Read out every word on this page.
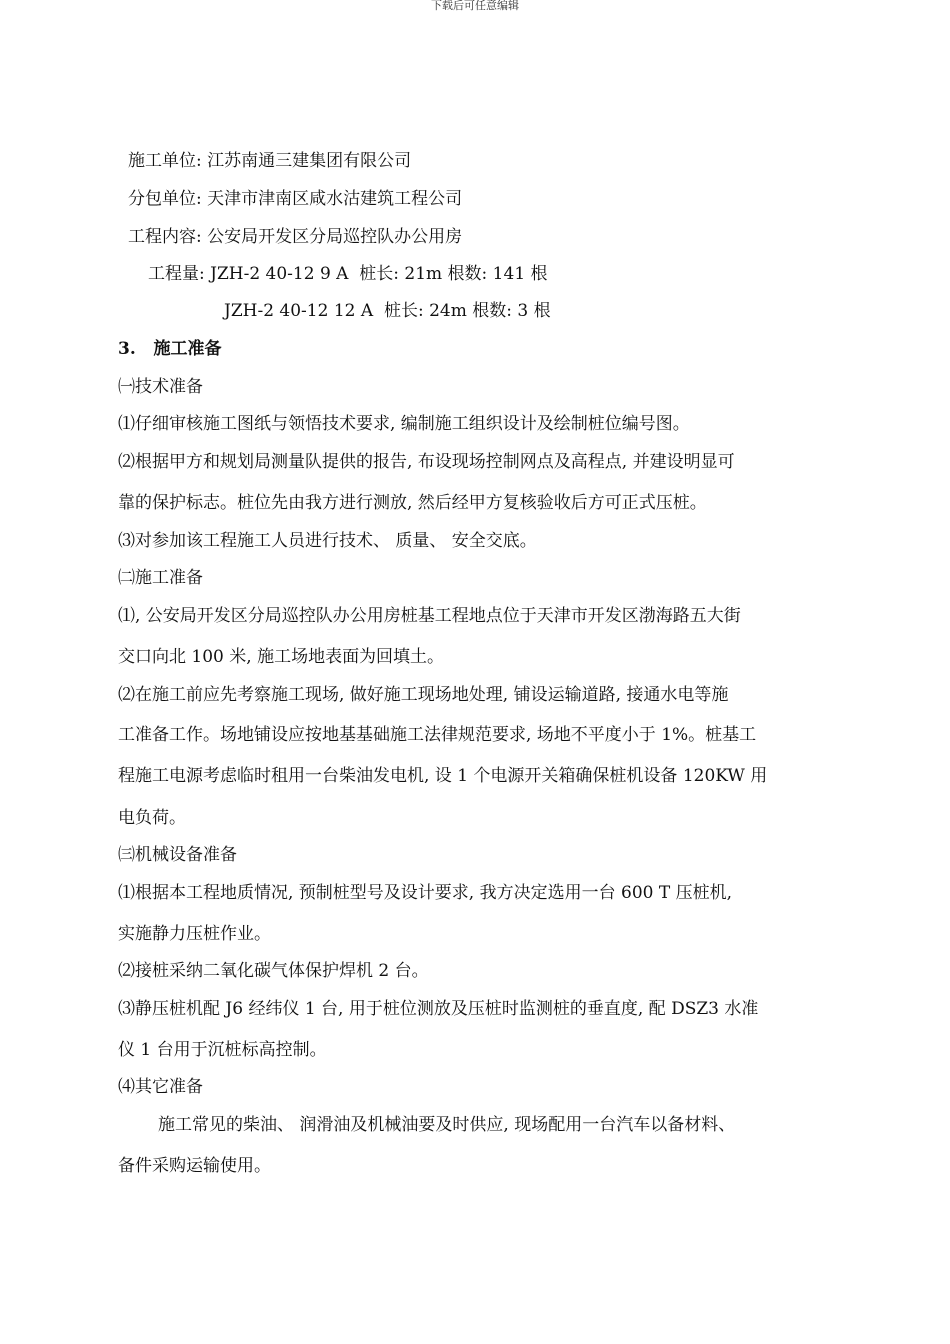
下载后可任意编辑
施工单位: 江苏南通三建集团有限公司
分包单位: 天津市津南区咸水沽建筑工程公司
工程内容: 公安局开发区分局巡控队办公用房
工程量: JZH-2 40-12 9 A  桩长: 21m 根数: 141 根
JZH-2 40-12 12 A  桩长: 24m 根数: 3 根
3.   施工准备
㈠技术准备
⑴仔细审核施工图纸与领悟技术要求, 编制施工组织设计及绘制桩位编号图。
⑵根据甲方和规划局测量队提供的报告, 布设现场控制网点及高程点, 并建设明显可
靠的保护标志。桩位先由我方进行测放, 然后经甲方复核验收后方可正式压桩。
⑶对参加该工程施工人员进行技术、 质量、 安全交底。
㈡施工准备
⑴, 公安局开发区分局巡控队办公用房桩基工程地点位于天津市开发区渤海路五大街
交口向北 100 米, 施工场地表面为回填土。
⑵在施工前应先考察施工现场, 做好施工现场地处理, 铺设运输道路, 接通水电等施
工准备工作。场地铺设应按地基基础施工法律规范要求, 场地不平度小于 1%。桩基工
程施工电源考虑临时租用一台柴油发电机, 设 1 个电源开关箱确保桩机设备 120KW 用
电负荷。
㈢机械设备准备
⑴根据本工程地质情况, 预制桩型号及设计要求, 我方决定选用一台 600 T 压桩机,
实施静力压桩作业。
⑵接桩采纳二氧化碳气体保护焊机 2 台。
⑶静压桩机配 J6 经纬仪 1 台, 用于桩位测放及压桩时监测桩的垂直度, 配 DSZ3 水准
仪 1 台用于沉桩标高控制。
⑷其它准备
施工常见的柴油、 润滑油及机械油要及时供应, 现场配用一台汽车以备材料、
备件采购运输使用。
